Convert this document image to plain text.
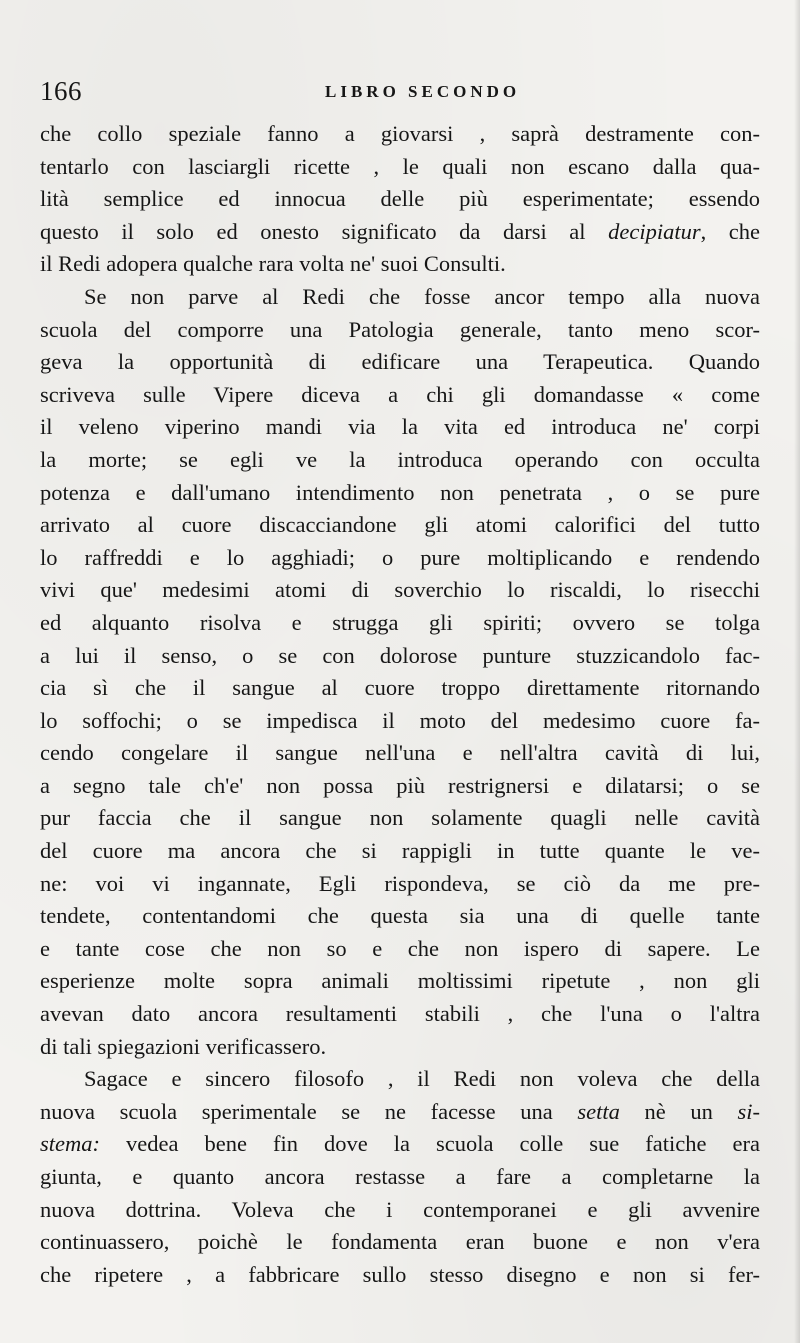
166	LIBRO SECONDO
che collo speziale fanno a giovarsi , saprà destramente con-
tentarlo con lasciargli ricette , le quali non escano dalla qua-
lità semplice ed innocua delle più esperimentate; essendo
questo il solo ed onesto significato da darsi al decipiatur, che
il Redi adopera qualche rara volta ne' suoi Consulti.
Se non parve al Redi che fosse ancor tempo alla nuova
scuola del comporre una Patologia generale, tanto meno scor-
geva la opportunità di edificare una Terapeutica. Quando
scriveva sulle Vipere diceva a chi gli domandasse « come
il veleno viperino mandi via la vita ed introduca ne' corpi
la morte; se egli ve la introduca operando con occulta
potenza e dall'umano intendimento non penetrata , o se pure
arrivato al cuore discacciandone gli atomi calorifici del tutto
lo raffreddi e lo agghiadi; o pure moltiplicando e rendendo
vivi que' medesimi atomi di soverchio lo riscaldi, lo risecchi
ed alquanto risolva e strugga gli spiriti; ovvero se tolga
a lui il senso, o se con dolorose punture stuzzicandolo fac-
cia sì che il sangue al cuore troppo direttamente ritornando
lo soffochi; o se impedisca il moto del medesimo cuore fa-
cendo congelare il sangue nell'una e nell'altra cavità di lui,
a segno tale ch'e' non possa più restrignersi e dilatarsi; o se
pur faccia che il sangue non solamente quagli nelle cavità
del cuore ma ancora che si rappigli in tutte quante le ve-
ne: voi vi ingannate, Egli rispondeva, se ciò da me pre-
tendete, contentandomi che questa sia una di quelle tante
e tante cose che non so e che non ispero di sapere. Le
esperienze molte sopra animali moltissimi ripetute , non gli
avevan dato ancora resultamenti stabili , che l'una o l'altra
di tali spiegazioni verificassero.
Sagace e sincero filosofo , il Redi non voleva che della
nuova scuola sperimentale se ne facesse una setta nè un si-
stema: vedea bene fin dove la scuola colle sue fatiche era
giunta, e quanto ancora restasse a fare a completarne la
nuova dottrina. Voleva che i contemporanei e gli avvenire
continuassero, poichè le fondamenta eran buone e non v'era
che ripetere , a fabbricare sullo stesso disegno e non si fer-
